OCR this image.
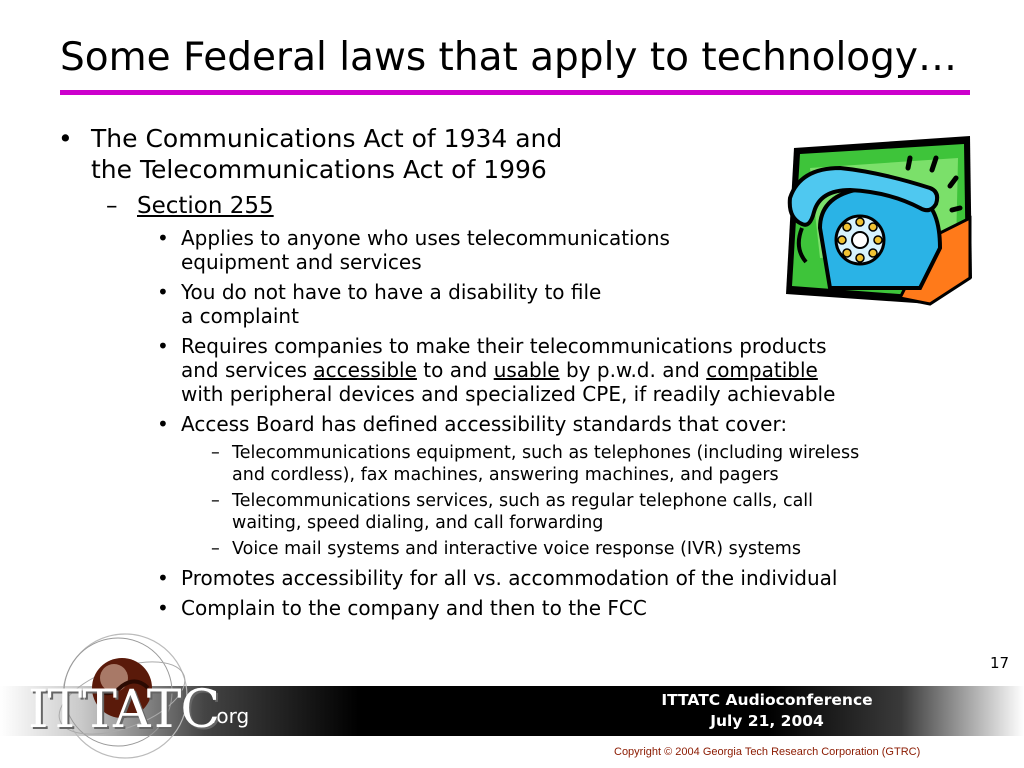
Some Federal laws that apply to technology…
• The Communications Act of 1934 and
the Telecommunications Act of 1996
– Section 255
• Applies to anyone who uses telecommunications
equipment and services
• You do not have to have a disability to file
a complaint
• Requires companies to make their telecommunications products
and services accessible to and usable by p.w.d. and compatible
with peripheral devices and specialized CPE, if readily achievable
• Access Board has defined accessibility standards that cover:
– Telecommunications equipment, such as telephones (including wireless
and cordless), fax machines, answering machines, and pagers
– Telecommunications services, such as regular telephone calls, call
waiting, speed dialing, and call forwarding
– Voice mail systems and interactive voice response (IVR) systems
• Promotes accessibility for all vs. accommodation of the individual
• Complain to the company and then to the FCC
17
ITTATC
.org
ITTATC Audioconference
July 21, 2004
Copyright © 2004 Georgia Tech Research Corporation (GTRC)
